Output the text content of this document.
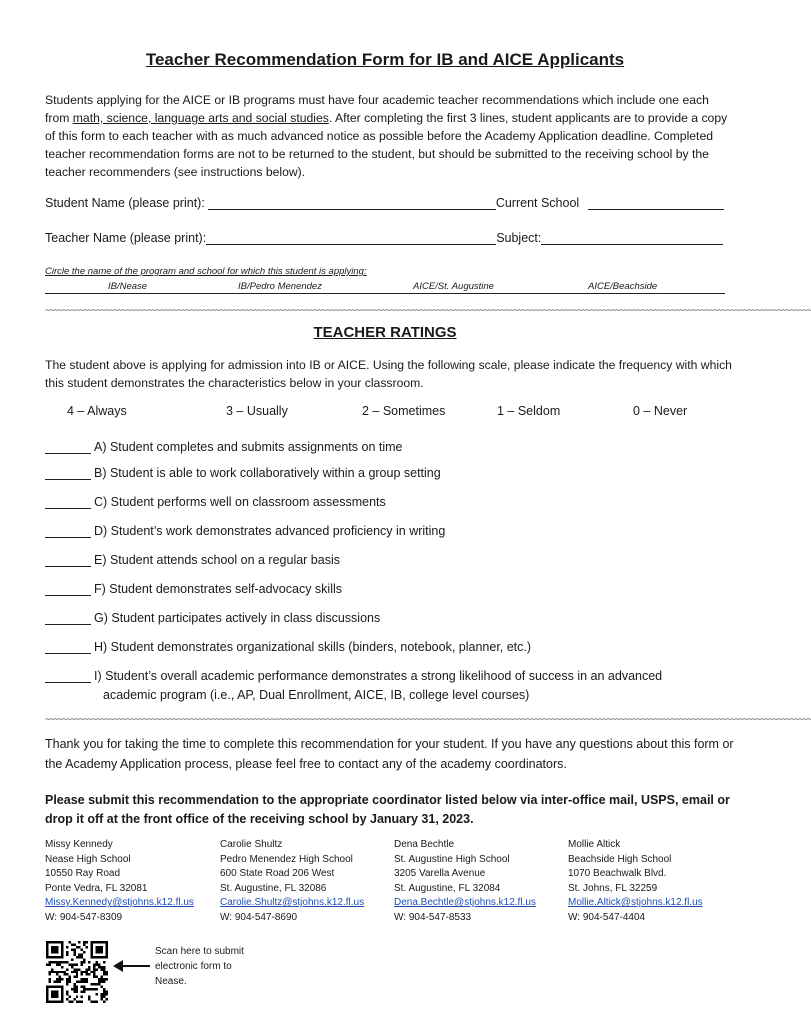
Teacher Recommendation Form for IB and AICE Applicants
Students applying for the AICE or IB programs must have four academic teacher recommendations which include one each from math, science, language arts and social studies. After completing the first 3 lines, student applicants are to provide a copy of this form to each teacher with as much advanced notice as possible before the Academy Application deadline. Completed teacher recommendation forms are not to be returned to the student, but should be submitted to the receiving school by the teacher recommenders (see instructions below).
Student Name (please print):	Current School
Teacher Name (please print):	Subject:
Circle the name of the program and school for which this student is applying:
IB/Nease	IB/Pedro Menendez	AICE/St. Augustine	AICE/Beachside
~~~~~~~~~~~~~~~~~~~~~~~~~~~~~~~~~~~~~~~~~~~~~~~~~~~~~~~~~~~~~~~~~~~~~~~~~~~~~~~~~~~~~~~~~~~~~~~~~~~~~~~~~~~~~~~~~~~~~~~~~~~~~~~~~~~~~~~~~~~~~~~~~~~~~~~~~~~~~~~~~~~~~~~~~~~~~~~~~~~~
TEACHER RATINGS
The student above is applying for admission into IB or AICE. Using the following scale, please indicate the frequency with which this student demonstrates the characteristics below in your classroom.
4 – Always	3 – Usually	2 – Sometimes	1 – Seldom	0 – Never
A) Student completes and submits assignments on time
B) Student is able to work collaboratively within a group setting
C) Student performs well on classroom assessments
D) Student’s work demonstrates advanced proficiency in writing
E) Student attends school on a regular basis
F) Student demonstrates self-advocacy skills
G) Student participates actively in class discussions
H) Student demonstrates organizational skills (binders, notebook, planner, etc.)
I) Student’s overall academic performance demonstrates a strong likelihood of success in an advanced
academic program (i.e., AP, Dual Enrollment, AICE, IB, college level courses)
~~~~~~~~~~~~~~~~~~~~~~~~~~~~~~~~~~~~~~~~~~~~~~~~~~~~~~~~~~~~~~~~~~~~~~~~~~~~~~~~~~~~~~~~~~~~~~~~~~~~~~~~~~~~~~~~~~~~~~~~~~~~~~~~~~~~~~~~~~~~~~~~~~~~~~~~~~~~~~~~~~~~~~~~~~~~~~~~~~~~
Thank you for taking the time to complete this recommendation for your student. If you have any questions about this form or the Academy Application process, please feel free to contact any of the academy coordinators.
Please submit this recommendation to the appropriate coordinator listed below via inter-office mail, USPS, email or drop it off at the front office of the receiving school by January 31, 2023.
Missy Kennedy
Nease High School
10550 Ray Road
Ponte Vedra, FL 32081
Missy.Kennedy@stjohns.k12.fl.us
W: 904-547-8309
Carolie Shultz
Pedro Menendez High School
600 State Road 206 West
St. Augustine, FL 32086
Carolie.Shultz@stjohns.k12.fl.us
W: 904-547-8690
Dena Bechtle
St. Augustine High School
3205 Varella Avenue
St. Augustine, FL 32084
Dena.Bechtle@stjohns.k12.fl.us
W: 904-547-8533
Mollie Altick
Beachside High School
1070 Beachwalk Blvd.
St. Johns, FL 32259
Mollie.Altick@stjohns.k12.fl.us
W: 904-547-4404
Scan here to submit electronic form to Nease.
